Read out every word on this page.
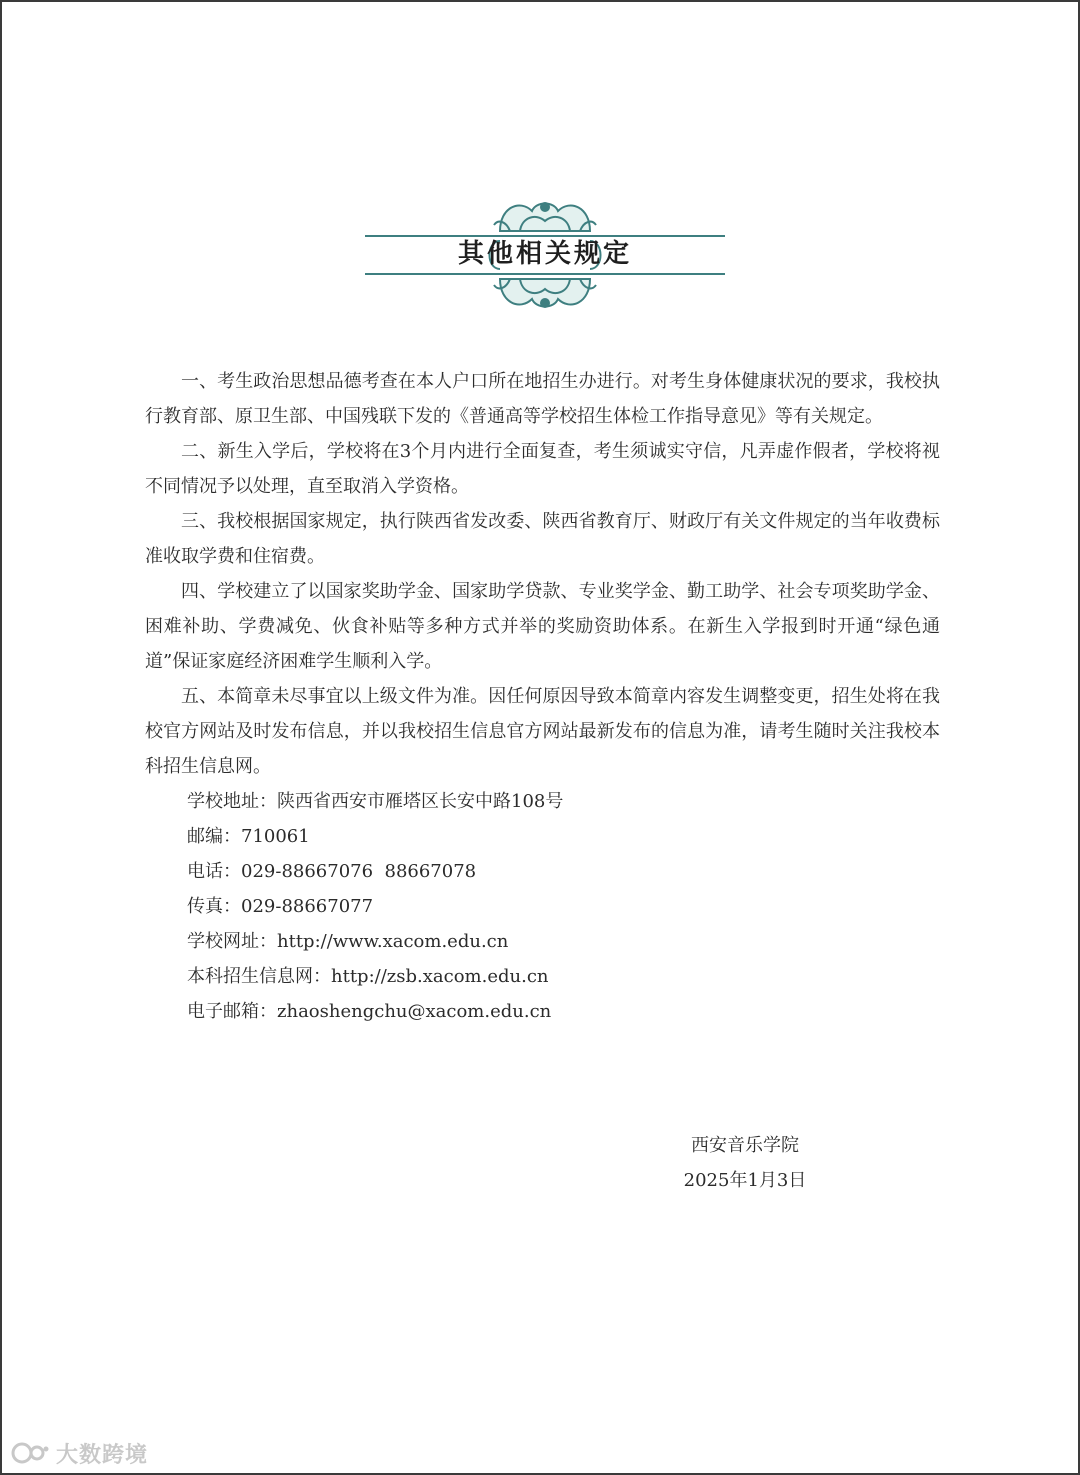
其他相关规定

一、考生政治思想品德考查在本人户口所在地招生办进行。对考生身体健康状况的要求，我校执行教育部、原卫生部、中国残联下发的《普通高等学校招生体检工作指导意见》等有关规定。

二、新生入学后，学校将在3个月内进行全面复查，考生须诚实守信，凡弄虚作假者，学校将视不同情况予以处理，直至取消入学资格。

三、我校根据国家规定，执行陕西省发改委、陕西省教育厅、财政厅有关文件规定的当年收费标准收取学费和住宿费。

四、学校建立了以国家奖助学金、国家助学贷款、专业奖学金、勤工助学、社会专项奖助学金、困难补助、学费减免、伙食补贴等多种方式并举的奖励资助体系。在新生入学报到时开通“绿色通道”保证家庭经济困难学生顺利入学。

五、本简章未尽事宜以上级文件为准。因任何原因导致本简章内容发生调整变更，招生处将在我校官方网站及时发布信息，并以我校招生信息官方网站最新发布的信息为准，请考生随时关注我校本科招生信息网。

学校地址：陕西省西安市雁塔区长安中路108号

邮编：710061

电话：029-88667076  88667078

传真：029-88667077

学校网址：http://www.xacom.edu.cn

本科招生信息网：http://zsb.xacom.edu.cn

电子邮箱：zhaoshengchu@xacom.edu.cn

西安音乐学院
2025年1月3日
大数跨境
